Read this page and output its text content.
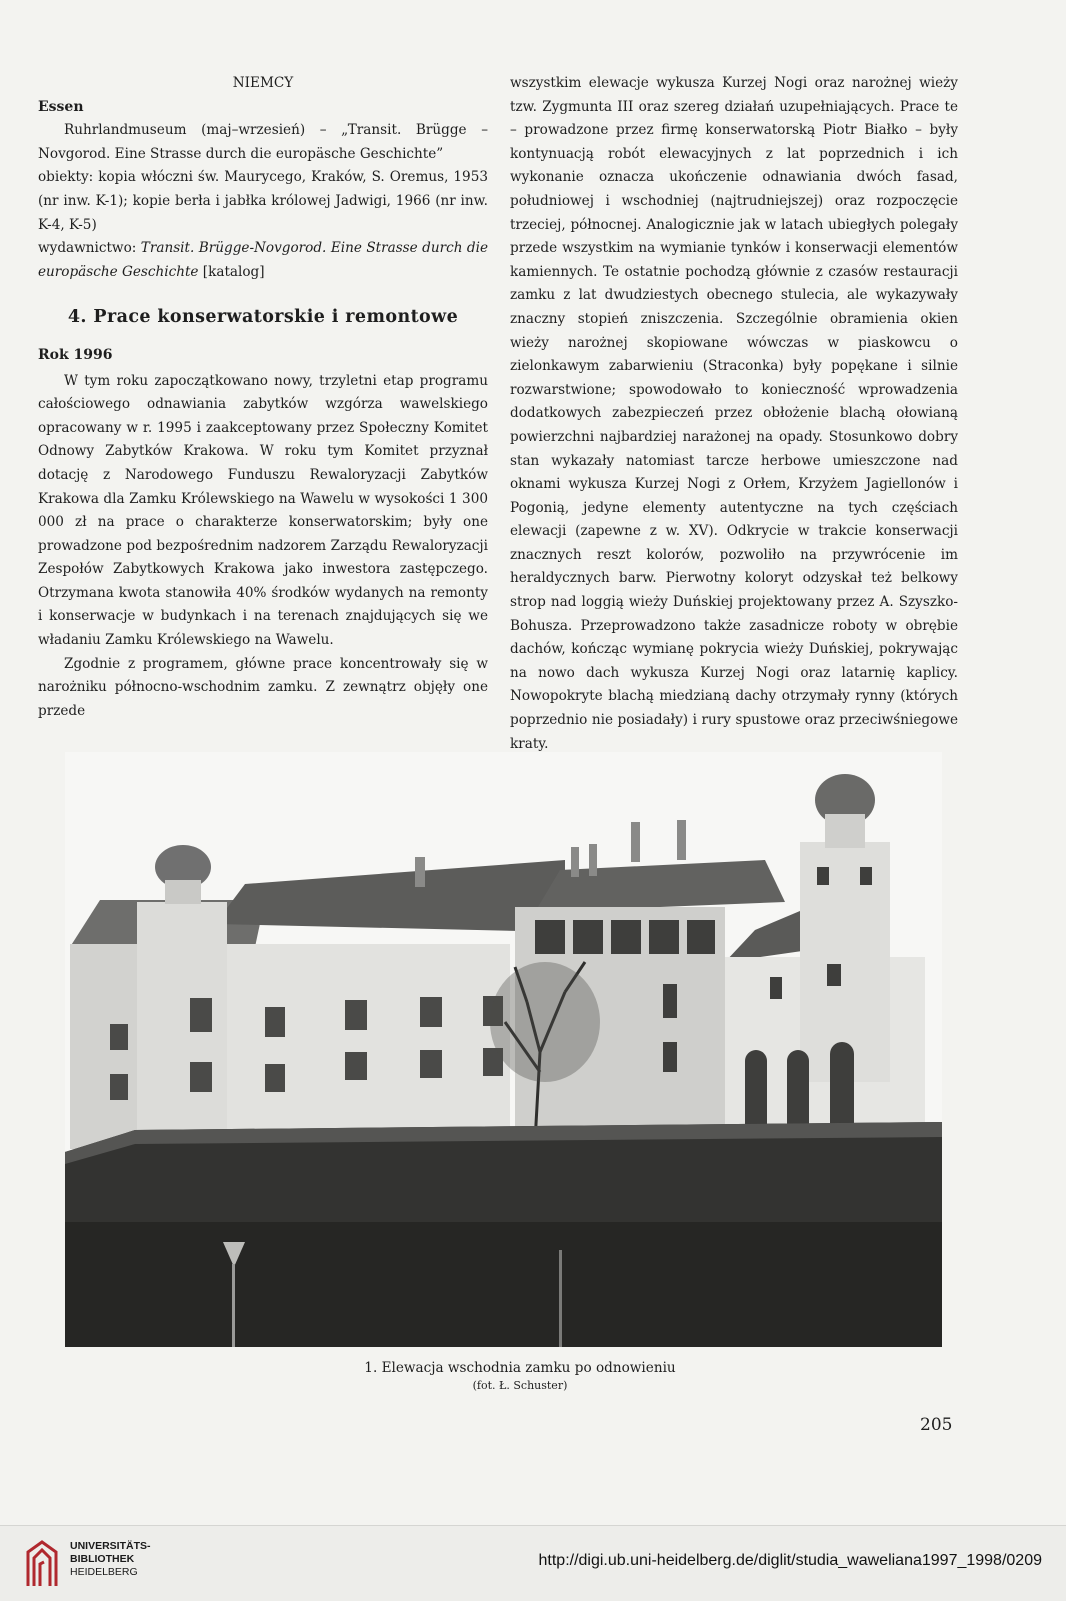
NIEMCY

Essen

Ruhrlandmuseum (maj–wrzesień) – „Transit. Brügge – Novgorod. Eine Strasse durch die europäsche Geschichte”

obiekty: kopia włóczni św. Maurycego, Kraków, S. Oremus, 1953 (nr inw. K-1); kopie berła i jabłka królowej Jadwigi, 1966 (nr inw. K-4, K-5)

wydawnictwo: Transit. Brügge-Novgorod. Eine Strasse durch die europäsche Geschichte [katalog]

4. Prace konserwatorskie i remontowe

Rok 1996

W tym roku zapoczątkowano nowy, trzyletni etap programu całościowego odnawiania zabytków wzgórza wawelskiego opracowany w r. 1995 i zaakceptowany przez Społeczny Komitet Odnowy Zabytków Krakowa. W roku tym Komitet przyznał dotację z Narodowego Funduszu Rewaloryzacji Zabytków Krakowa dla Zamku Królewskiego na Wawelu w wysokości 1 300 000 zł na prace o charakterze konserwatorskim; były one prowadzone pod bezpośrednim nadzorem Zarządu Rewaloryzacji Zespołów Zabytkowych Krakowa jako inwestora zastępczego. Otrzymana kwota stanowiła 40% środków wydanych na remonty i konserwacje w budynkach i na terenach znajdujących się we władaniu Zamku Królewskiego na Wawelu.

Zgodnie z programem, główne prace koncentrowały się w narożniku północno-wschodnim zamku. Z zewnątrz objęły one przede

wszystkim elewacje wykusza Kurzej Nogi oraz narożnej wieży tzw. Zygmunta III oraz szereg działań uzupełniających. Prace te – prowadzone przez firmę konserwatorską Piotr Białko – były kontynuacją robót elewacyjnych z lat poprzednich i ich wykonanie oznacza ukończenie odnawiania dwóch fasad, południowej i wschodniej (najtrudniejszej) oraz rozpoczęcie trzeciej, północnej. Analogicznie jak w latach ubiegłych polegały przede wszystkim na wymianie tynków i konserwacji elementów kamiennych. Te ostatnie pochodzą głównie z czasów restauracji zamku z lat dwudziestych obecnego stulecia, ale wykazywały znaczny stopień zniszczenia. Szczególnie obramienia okien wieży narożnej skopiowane wówczas w piaskowcu o zielonkawym zabarwieniu (Straconka) były popękane i silnie rozwarstwione; spowodowało to konieczność wprowadzenia dodatkowych zabezpieczeń przez obłożenie blachą ołowianą powierzchni najbardziej narażonej na opady. Stosunkowo dobry stan wykazały natomiast tarcze herbowe umieszczone nad oknami wykusza Kurzej Nogi z Orłem, Krzyżem Jagiellonów i Pogonią, jedyne elementy autentyczne na tych częściach elewacji (zapewne z w. XV). Odkrycie w trakcie konserwacji znacznych reszt kolorów, pozwoliło na przywrócenie im heraldycznych barw. Pierwotny koloryt odzyskał też belkowy strop nad loggią wieży Duńskiej projektowany przez A. Szyszko-Bohusza. Przeprowadzono także zasadnicze roboty w obrębie dachów, kończąc wymianę pokrycia wieży Duńskiej, pokrywając na nowo dach wykusza Kurzej Nogi oraz latarnię kaplicy. Nowopokryte blachą miedzianą dachy otrzymały rynny (których poprzednio nie posiadały) i rury spustowe oraz przeciwśniegowe kraty.

1. Elewacja wschodnia zamku po odnowieniu
(fot. Ł. Schuster)
205
UNIVERSITÄTS-
BIBLIOTHEK
HEIDELBERG
http://digi.ub.uni-heidelberg.de/diglit/studia_waweliana1997_1998/0209
